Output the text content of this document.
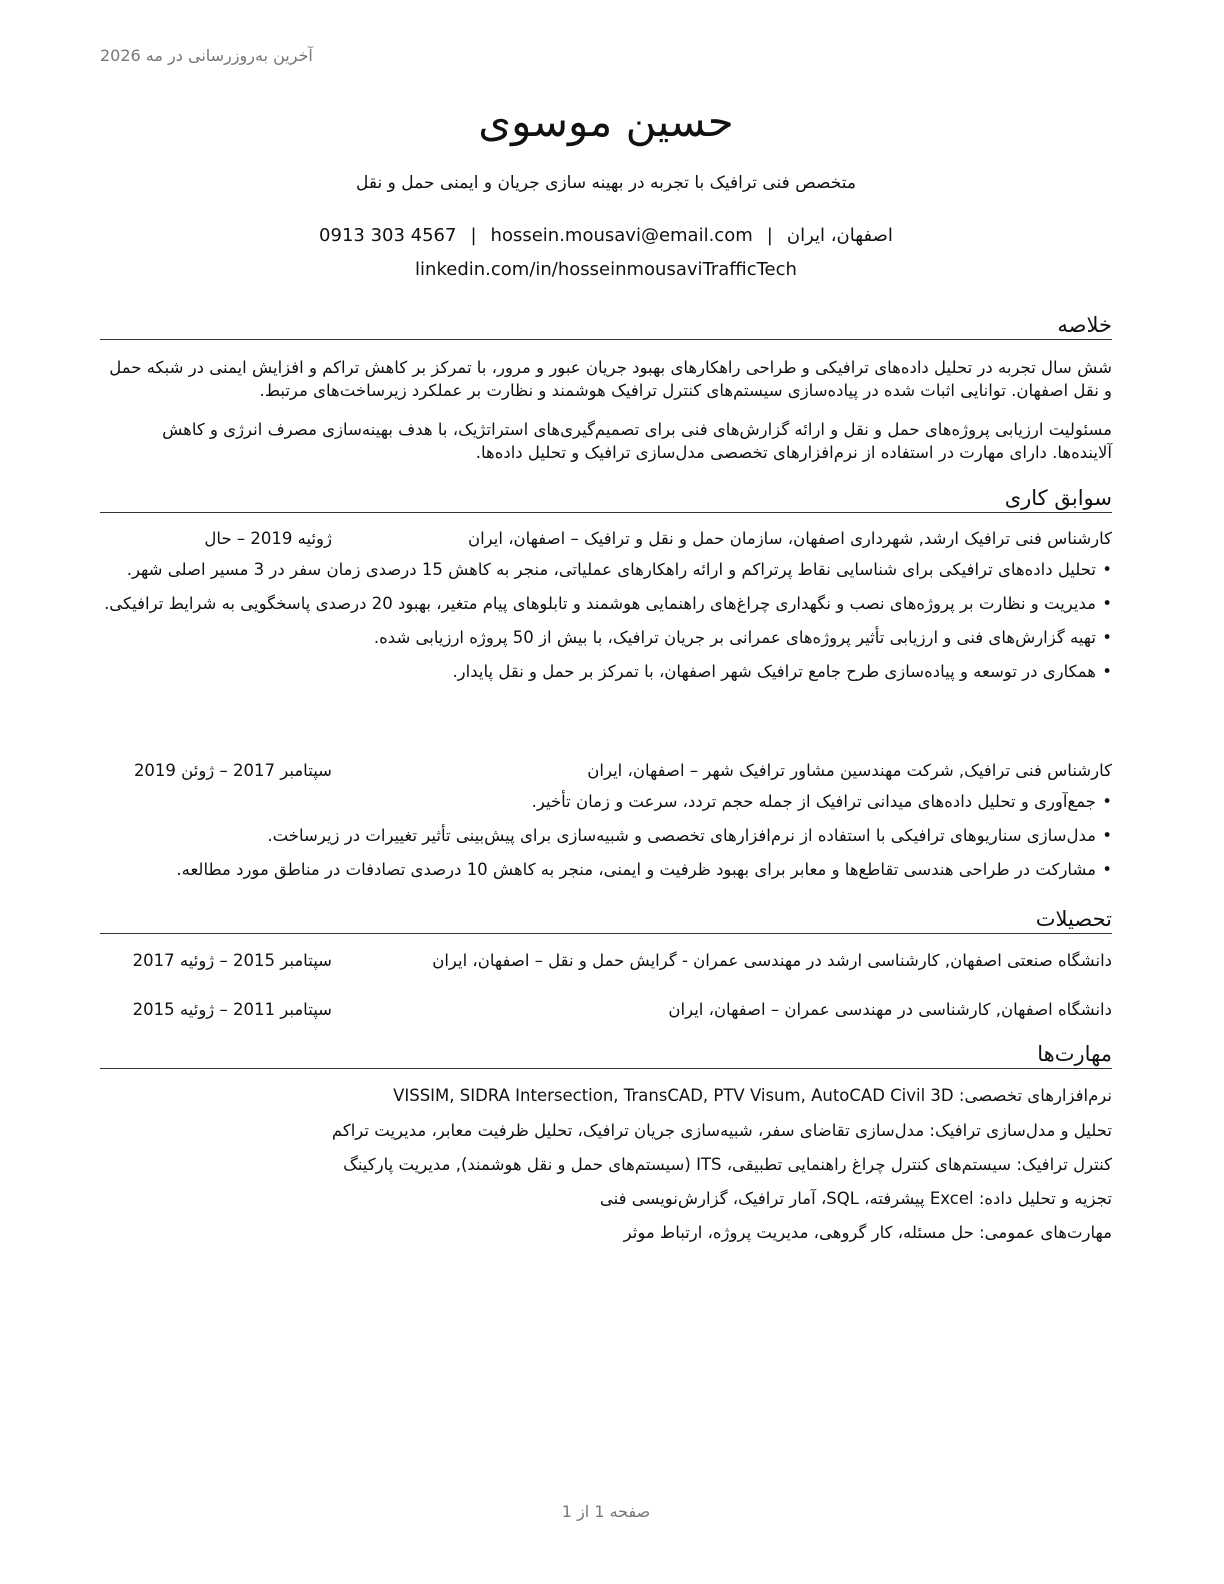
آخرین به‌روزرسانی در مه 2026
حسین موسوی
متخصص فنی ترافیک با تجربه در بهینه سازی جریان و ایمنی حمل و نقل
اصفهان، ایران|hossein.mousavi@email.com|0913 303 4567
linkedin.com/in/hosseinmousaviTrafficTech
خلاصه
شش سال تجربه در تحلیل داده‌های ترافیکی و طراحی راهکارهای بهبود جریان عبور و مرور، با تمرکز بر کاهش تراکم و افزایش ایمنی در شبکه حمل و نقل اصفهان. توانایی اثبات شده در پیاده‌سازی سیستم‌های کنترل ترافیک هوشمند و نظارت بر عملکرد زیرساخت‌های مرتبط.
مسئولیت ارزیابی پروژه‌های حمل و نقل و ارائه گزارش‌های فنی برای تصمیم‌گیری‌های استراتژیک، با هدف بهینه‌سازی مصرف انرژی و کاهش آلاینده‌ها. دارای مهارت در استفاده از نرم‌افزارهای تخصصی مدل‌سازی ترافیک و تحلیل داده‌ها.
سوابق کاری
کارشناس فنی ترافیک ارشد, شهرداری اصفهان، سازمان حمل و نقل و ترافیک – اصفهان، ایران
ژوئیه 2019 – حال
• تحلیل داده‌های ترافیکی برای شناسایی نقاط پرتراکم و ارائه راهکارهای عملیاتی، منجر به کاهش 15 درصدی زمان سفر در 3 مسیر اصلی شهر.
• مدیریت و نظارت بر پروژه‌های نصب و نگهداری چراغ‌های راهنمایی هوشمند و تابلوهای پیام متغیر، بهبود 20 درصدی پاسخگویی به شرایط ترافیکی.
• تهیه گزارش‌های فنی و ارزیابی تأثیر پروژه‌های عمرانی بر جریان ترافیک، با بیش از 50 پروژه ارزیابی شده.
• همکاری در توسعه و پیاده‌سازی طرح جامع ترافیک شهر اصفهان، با تمرکز بر حمل و نقل پایدار.
کارشناس فنی ترافیک, شرکت مهندسین مشاور ترافیک شهر – اصفهان، ایران
سپتامبر 2017 – ژوئن 2019
• جمع‌آوری و تحلیل داده‌های میدانی ترافیک از جمله حجم تردد، سرعت و زمان تأخیر.
• مدل‌سازی سناریوهای ترافیکی با استفاده از نرم‌افزارهای تخصصی و شبیه‌سازی برای پیش‌بینی تأثیر تغییرات در زیرساخت.
• مشارکت در طراحی هندسی تقاطع‌ها و معابر برای بهبود ظرفیت و ایمنی، منجر به کاهش 10 درصدی تصادفات در مناطق مورد مطالعه.
تحصیلات
دانشگاه صنعتی اصفهان, کارشناسی ارشد در مهندسی عمران - گرایش حمل و نقل – اصفهان، ایران
سپتامبر 2015 – ژوئیه 2017
دانشگاه اصفهان, کارشناسی در مهندسی عمران – اصفهان، ایران
سپتامبر 2011 – ژوئیه 2015
مهارت‌ها
نرم‌افزارهای تخصصی: VISSIM, SIDRA Intersection, TransCAD, PTV Visum, AutoCAD Civil 3D
تحلیل و مدل‌سازی ترافیک: مدل‌سازی تقاضای سفر، شبیه‌سازی جریان ترافیک، تحلیل ظرفیت معابر، مدیریت تراکم
کنترل ترافیک: سیستم‌های کنترل چراغ راهنمایی تطبیقی، ITS (سیستم‌های حمل و نقل هوشمند), مدیریت پارکینگ
تجزیه و تحلیل داده: Excel پیشرفته، SQL، آمار ترافیک، گزارش‌نویسی فنی
مهارت‌های عمومی: حل مسئله، کار گروهی، مدیریت پروژه، ارتباط موثر
صفحه 1 از 1
